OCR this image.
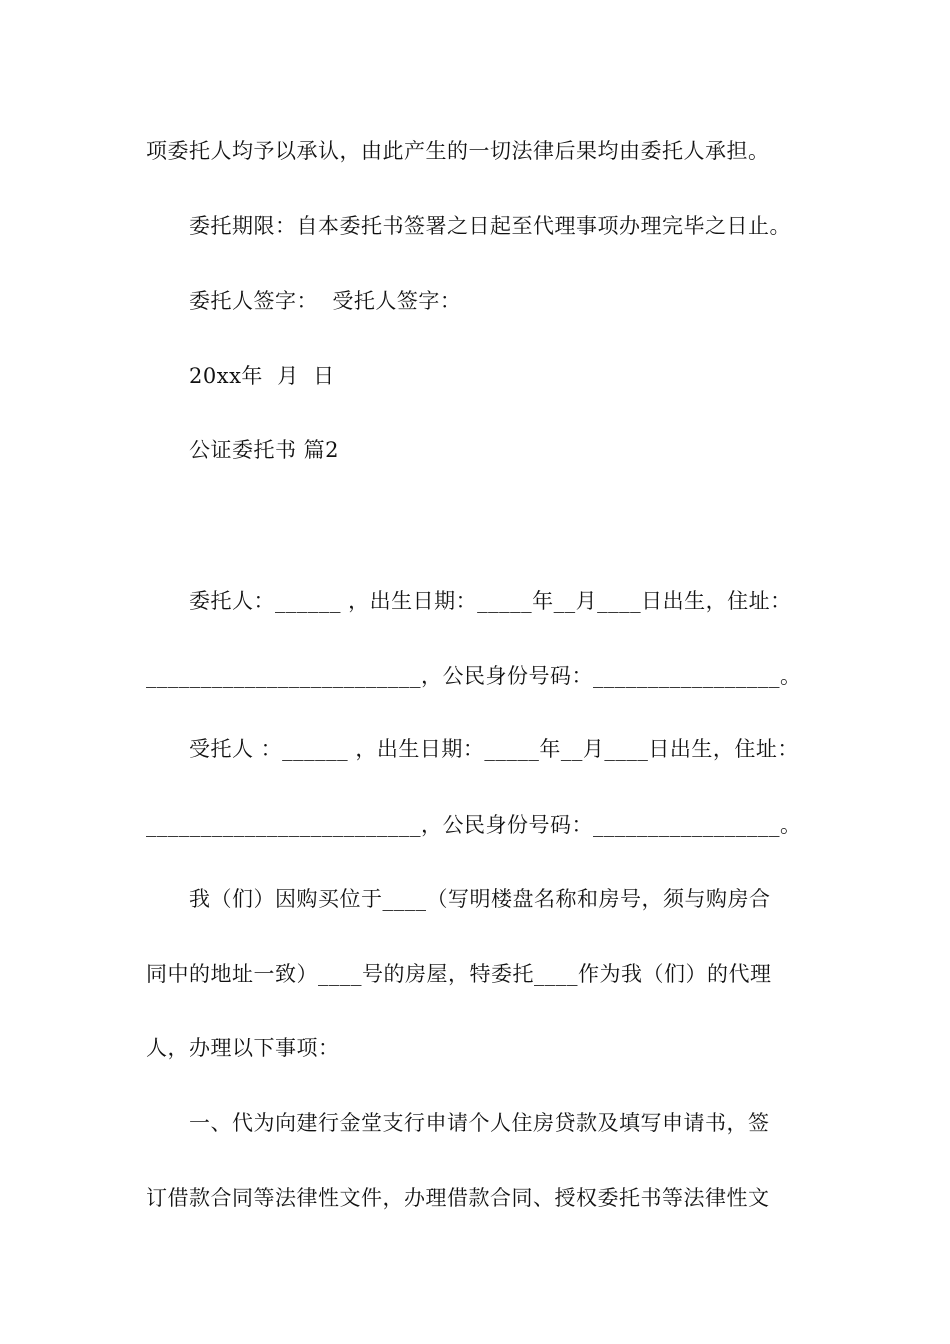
项委托人均予以承认，由此产生的一切法律后果均由委托人承担。
委托期限：自本委托书签署之日起至代理事项办理完毕之日止。
委托人签字：  受托人签字：
20xx年  月  日
公证委托书 篇2
委托人：______ ，出生日期：_____年__月____日出生，住址：
_________________________，公民身份号码：_________________。
受托人 ：______ ，出生日期：_____年__月____日出生，住址：
_________________________，公民身份号码：_________________。
我（们）因购买位于____（写明楼盘名称和房号，须与购房合
同中的地址一致）____号的房屋，特委托____作为我（们）的代理
人，办理以下事项：
一、代为向建行金堂支行申请个人住房贷款及填写申请书，签
订借款合同等法律性文件，办理借款合同、授权委托书等法律性文
